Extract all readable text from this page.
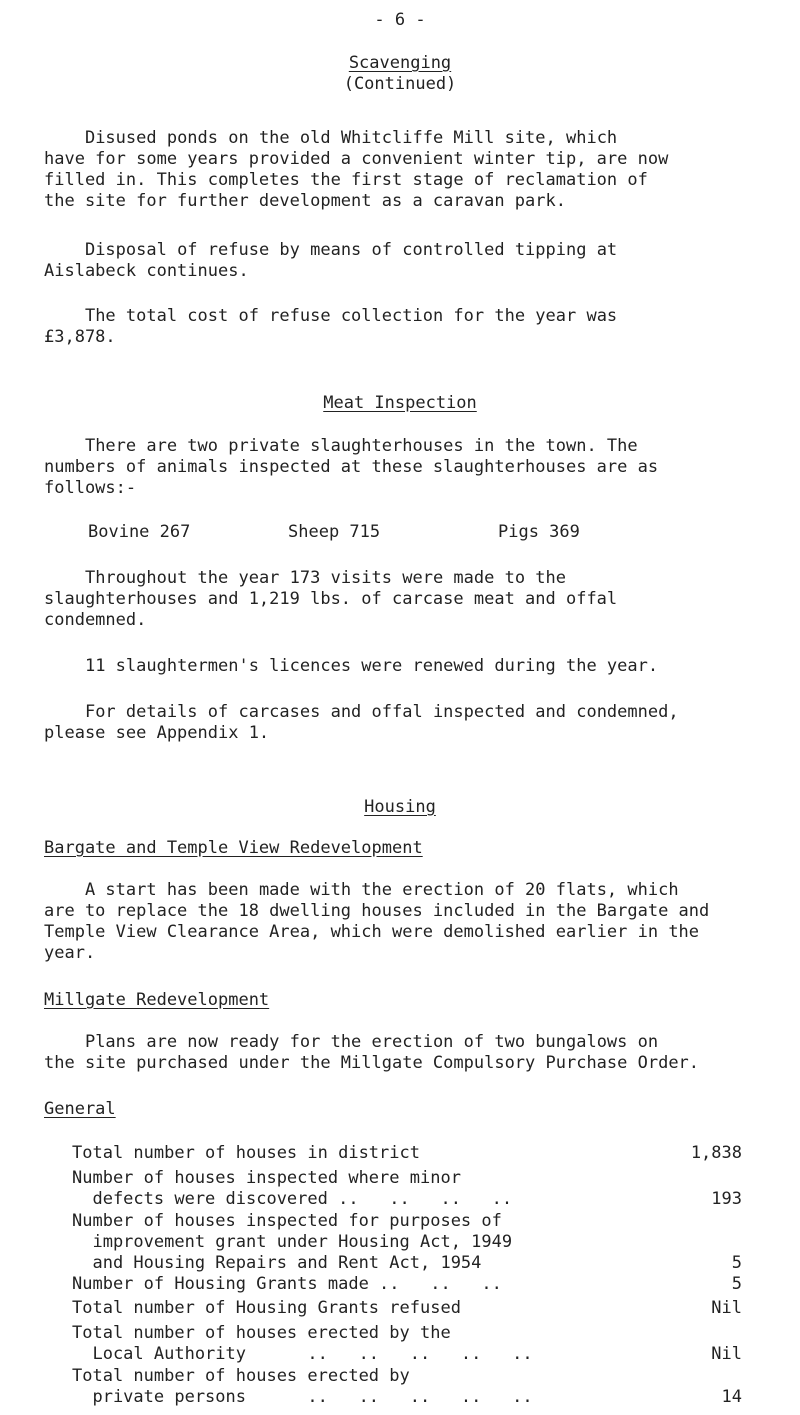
- 6 -
Scavenging
(Continued)
Disused ponds on the old Whitcliffe Mill site, which
have for some years provided a convenient winter tip, are now
filled in. This completes the first stage of reclamation of
the site for further development as a caravan park.
Disposal of refuse by means of controlled tipping at
Aislabeck continues.
The total cost of refuse collection for the year was
£3,878.
Meat Inspection
There are two private slaughterhouses in the town. The
numbers of animals inspected at these slaughterhouses are as
follows:-
Bovine 267	Sheep 715	Pigs 369
Throughout the year 173 visits were made to the
slaughterhouses and 1,219 lbs. of carcase meat and offal
condemned.
11 slaughtermen's licences were renewed during the year.
For details of carcases and offal inspected and condemned,
please see Appendix 1.
Housing
Bargate and Temple View Redevelopment
A start has been made with the erection of 20 flats, which
are to replace the 18 dwelling houses included in the Bargate and
Temple View Clearance Area, which were demolished earlier in the
year.
Millgate Redevelopment
Plans are now ready for the erection of two bungalows on
the site purchased under the Millgate Compulsory Purchase Order.
General
Total number of houses in district	1,838
Number of houses inspected where minor
defects were discovered ..   ..   ..   ..	193
Number of houses inspected for purposes of
improvement grant under Housing Act, 1949
and Housing Repairs and Rent Act, 1954	5
Number of Housing Grants made ..   ..   ..	5
Total number of Housing Grants refused	Nil
Total number of houses erected by the
Local Authority      ..   ..   ..   ..   ..	Nil
Total number of houses erected by
private persons      ..   ..   ..   ..   ..	14
